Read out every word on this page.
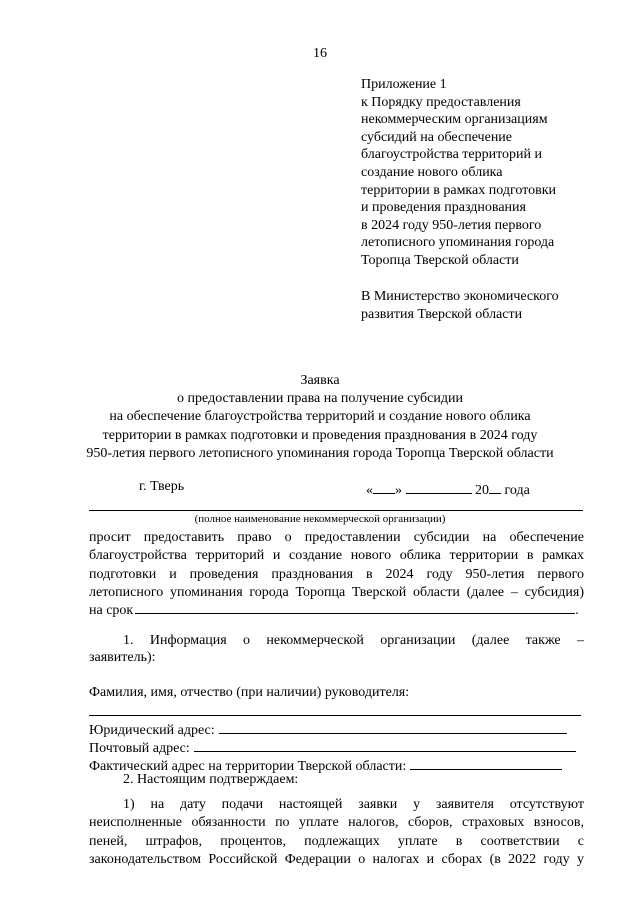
16
Приложение 1
к Порядку предоставления
некоммерческим организациям
субсидий на обеспечение
благоустройства территорий и
создание нового облика
территории в рамках подготовки
и проведения празднования
в 2024 году 950-летия первого
летописного упоминания города
Торопца Тверской области
В Министерство экономического
развития Тверской области
Заявка
о предоставлении права на получение субсидии
на обеспечение благоустройства территорий и создание нового облика
территории в рамках подготовки и проведения празднования в 2024 году
950-летия первого летописного упоминания города Торопца Тверской области
г. Тверь	« »	20 года
(полное наименование некоммерческой организации)
просит предоставить право о предоставлении субсидии на обеспечение
благоустройства территорий и создание нового облика территории в рамках
подготовки и проведения празднования в 2024 году 950-летия первого
летописного упоминания города Торопца Тверской области (далее – субсидия)
на срок	.
1. Информация о некоммерческой организации (далее также –
заявитель):
Фамилия, имя, отчество (при наличии) руководителя:
Юридический адрес:
Почтовый адрес:
Фактический адрес на территории Тверской области:
2. Настоящим подтверждаем:
1) на дату подачи настоящей заявки у заявителя отсутствуют
неисполненные обязанности по уплате налогов, сборов, страховых взносов,
пеней, штрафов, процентов, подлежащих уплате в соответствии с
законодательством Российской Федерации о налогах и сборах (в 2022 году у
